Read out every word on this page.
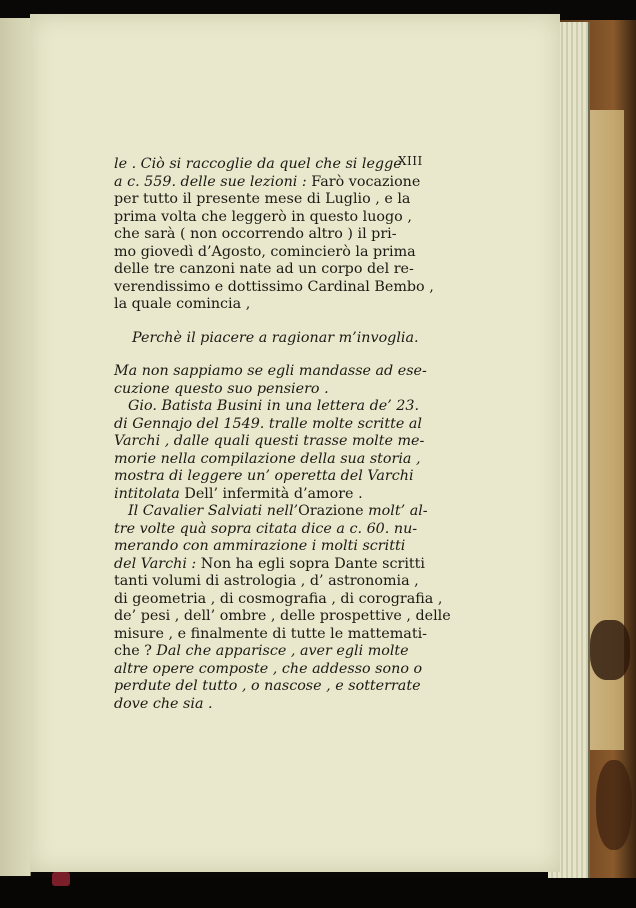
XIII
le . Ciò si raccoglie da quel che si legge
a c. 559. delle sue lezioni : Farò vocazione
per tutto il presente mese di Luglio , e la
prima volta che leggerò in questo luogo ,
che sarà ( non occorrendo altro ) il pri-
mo giovedì d’Agosto, comincierò la prima
delle tre canzoni nate ad un corpo del re-
verendissimo e dottissimo Cardinal Bembo ,
la quale comincia ,
Perchè il piacere a ragionar m’invoglia.
Ma non sappiamo se egli mandasse ad ese-
cuzione questo suo pensiero .
Gio. Batista Busini in una lettera de’ 23.
di Gennajo del 1549. tralle molte scritte al
Varchi , dalle quali questi trasse molte me-
morie nella compilazione della sua storia ,
mostra di leggere un’ operetta del Varchi
intitolata Dell’ infermità d’amore .
Il Cavalier Salviati nell’ Orazione molt’ al-
tre volte quà sopra citata dice a c. 60. nu-
merando con ammirazione i molti scritti
del Varchi : Non ha egli sopra Dante scritti
tanti volumi di astrologia , d’ astronomia ,
di geometria , di cosmografia , di corografia ,
de’ pesi , dell’ ombre , delle prospettive , delle
misure , e finalmente di tutte le mattemati-
che ? Dal che apparisce , aver egli molte
altre opere composte , che addesso sono o
perdute del tutto , o nascose , e sotterrate
dove che sia .
